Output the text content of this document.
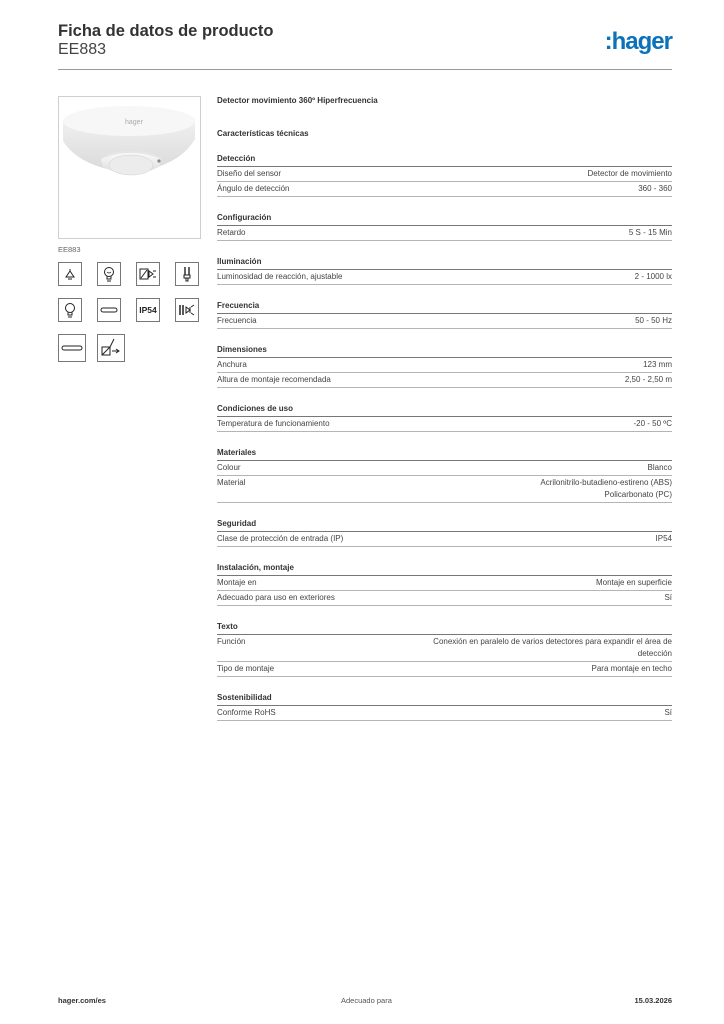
Ficha de datos de producto
EE883	:hager
hager
EE883
IP54
Detector movimiento 360º Hiperfrecuencia
Características técnicas
Detección
Diseño del sensor	Detector de movimiento
Ángulo de detección	360 - 360
Configuración
Retardo	5 S - 15 Min
Iluminación
Luminosidad de reacción, ajustable	2 - 1000 lx
Frecuencia
Frecuencia	50 - 50 Hz
Dimensiones
Anchura	123 mm
Altura de montaje recomendada	2,50 - 2,50 m
Condiciones de uso
Temperatura de funcionamiento	-20 - 50 ºC
Materiales
Colour	Blanco
Material	Acrilonitrilo-butadieno-estireno (ABS)
Policarbonato (PC)
Seguridad
Clase de protección de entrada (IP)	IP54
Instalación, montaje
Montaje en	Montaje en superficie
Adecuado para uso en exteriores	Sí
Texto
Función	Conexión en paralelo de varios detectores para expandir el área de
detección
Tipo de montaje	Para montaje en techo
Sostenibilidad
Conforme RoHS	Sí
hager.com/es	Adecuado para	15.03.2026
